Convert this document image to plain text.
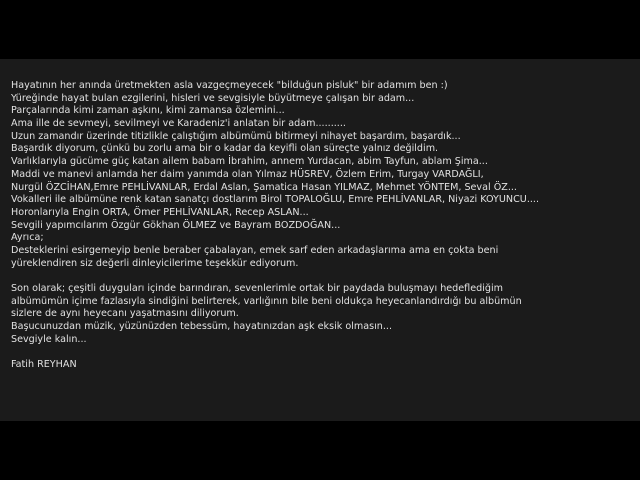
Hayatının her anında üretmekten asla vazgeçmeyecek "bilduğun pisluk" bir adamım ben :)
Yüreğinde hayat bulan ezgilerini, hisleri ve sevgisiyle büyütmeye çalışan bir adam...
Parçalarında kimi zaman aşkını, kimi zamansa özlemini...
Ama ille de sevmeyi, sevilmeyi ve Karadeniz'i anlatan bir adam..........
Uzun zamandır üzerinde titizlikle çalıştığım albümümü bitirmeyi nihayet başardım, başardık...
Başardık diyorum, çünkü bu zorlu ama bir o kadar da keyifli olan süreçte yalnız değildim.
Varlıklarıyla gücüme güç katan ailem babam İbrahim, annem Yurdacan, abim Tayfun, ablam Şima...
Maddi ve manevi anlamda her daim yanımda olan Yılmaz HÜSREV, Özlem Erim, Turgay VARDAĞLI,
Nurgül ÖZCİHAN,Emre PEHLİVANLAR, Erdal Aslan, Şamatica Hasan YILMAZ, Mehmet YÖNTEM, Seval ÖZ...
Vokalleri ile albümüne renk katan sanatçı dostlarım Birol TOPALOĞLU, Emre PEHLİVANLAR, Niyazi KOYUNCU....
Horonlarıyla Engin ORTA, Ömer PEHLİVANLAR, Recep ASLAN...
Sevgili yapımcılarım Özgür Gökhan ÖLMEZ ve Bayram BOZDOĞAN...
Ayrıca;
Desteklerini esirgemeyip benle beraber çabalayan, emek sarf eden arkadaşlarıma ama en çokta beni
yüreklendiren siz değerli dinleyicilerime teşekkür ediyorum.
Son olarak; çeşitli duyguları içinde barındıran, sevenlerimle ortak bir paydada buluşmayı hedeflediğim
albümümün içime fazlasıyla sindiğini belirterek, varlığının bile beni oldukça heyecanlandırdığı bu albümün
sizlere de aynı heyecanı yaşatmasını diliyorum.
Başucunuzdan müzik, yüzünüzden tebessüm, hayatınızdan aşk eksik olmasın...
Sevgiyle kalın...
Fatih REYHAN
